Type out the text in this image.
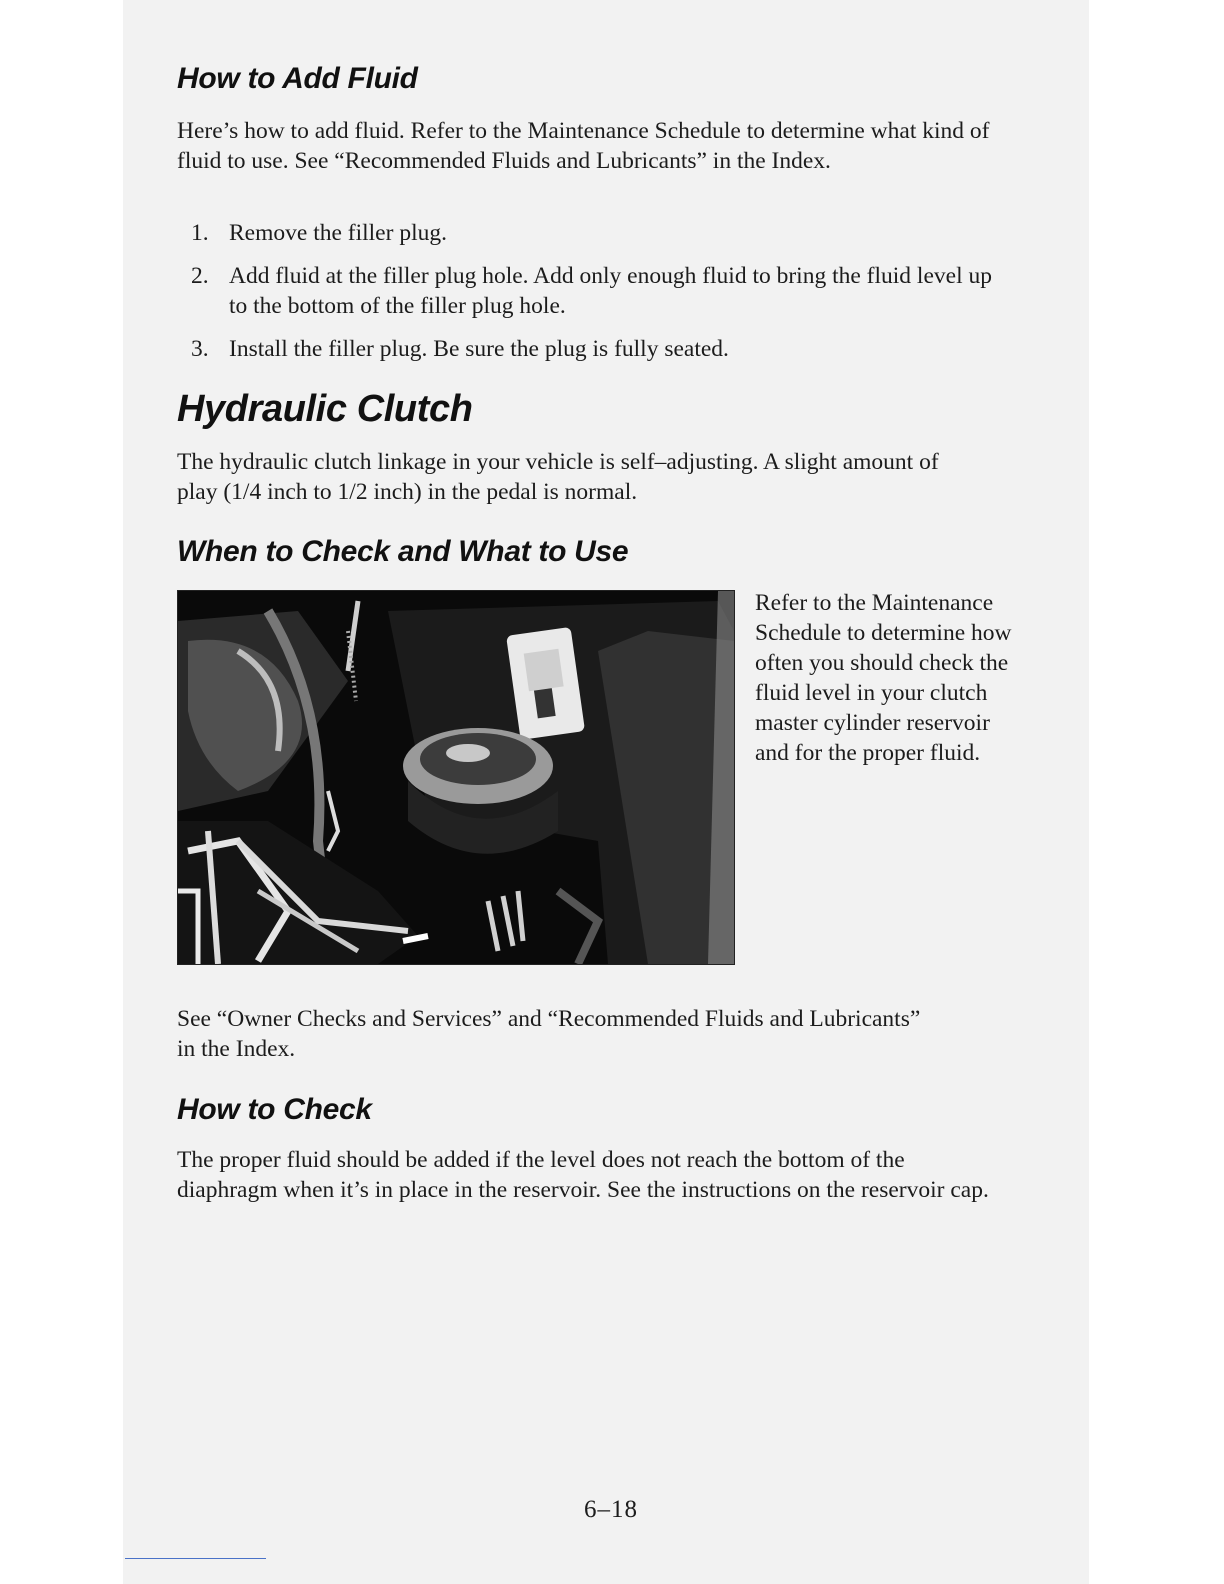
How to Add Fluid

Here’s how to add fluid. Refer to the Maintenance Schedule to determine what kind of fluid to use. See “Recommended Fluids and Lubricants” in the Index.

1. Remove the filler plug.
2. Add fluid at the filler plug hole. Add only enough fluid to bring the fluid level up to the bottom of the filler plug hole.
3. Install the filler plug. Be sure the plug is fully seated.
Hydraulic Clutch

The hydraulic clutch linkage in your vehicle is self–adjusting. A slight amount of play (1/4 inch to 1/2 inch) in the pedal is normal.

When to Check and What to Use

Refer to the Maintenance Schedule to determine how often you should check the fluid level in your clutch master cylinder reservoir and for the proper fluid.

See “Owner Checks and Services” and “Recommended Fluids and Lubricants” in the Index.

How to Check

The proper fluid should be added if the level does not reach the bottom of the diaphragm when it’s in place in the reservoir. See the instructions on the reservoir cap.

6–18
